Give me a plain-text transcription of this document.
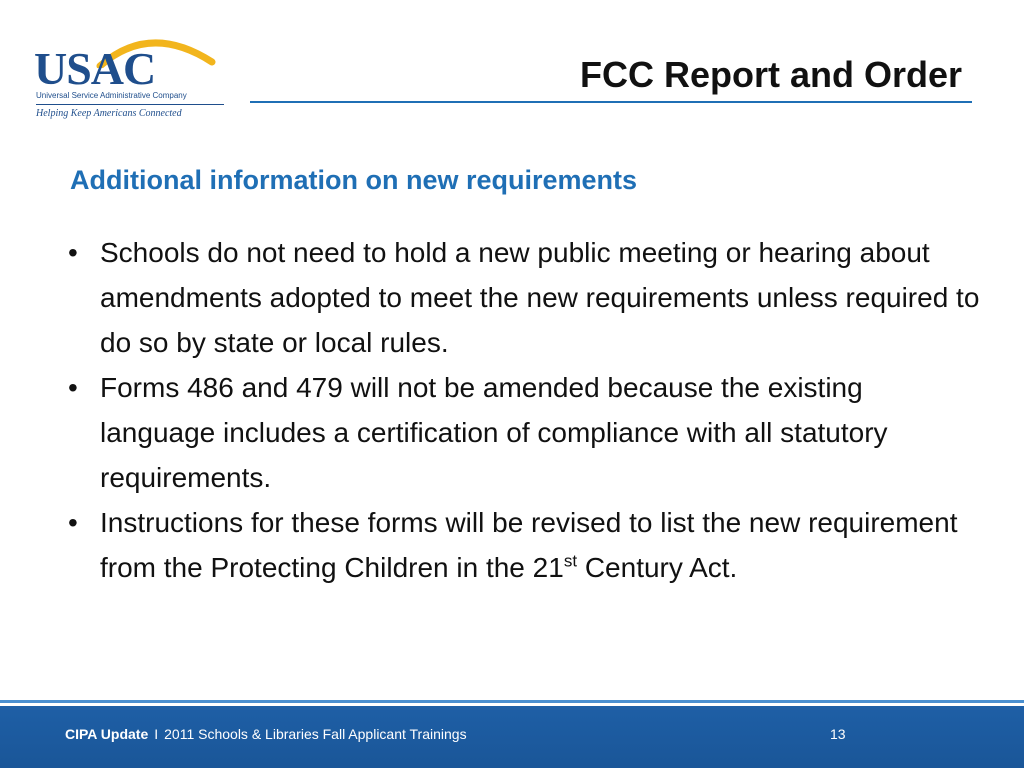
USAC
Universal Service Administrative Company
Helping Keep Americans Connected
FCC Report and Order
Additional information on new requirements
• Schools do not need to hold a new public meeting or hearing about amendments adopted to meet the new requirements unless required to do so by state or local rules.
• Forms 486 and 479 will not be amended because the existing language includes a certification of compliance with all statutory requirements.
• Instructions for these forms will be revised to list the new requirement from the Protecting Children in the 21st Century Act.
CIPA Update I 2011 Schools & Libraries Fall Applicant Trainings	13
